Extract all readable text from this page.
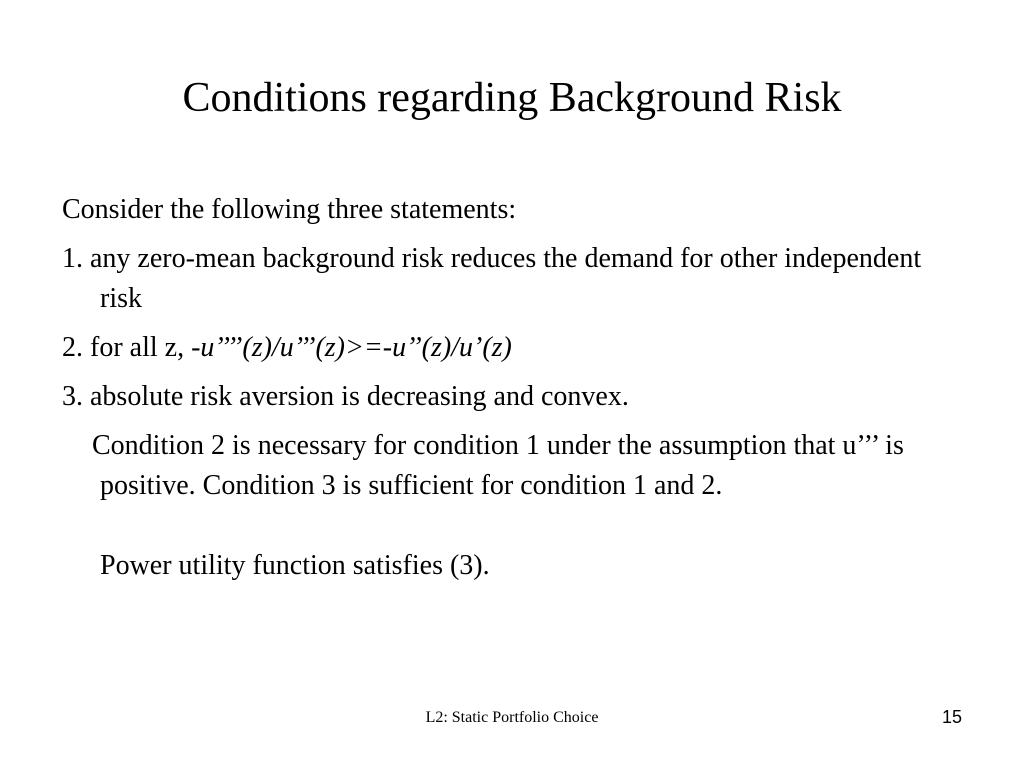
Conditions regarding Background Risk

Consider the following three statements:

1. any zero-mean background risk reduces the demand for other independent risk

2. for all z, -u’’’’(z)/u’’’(z)>=-u’’(z)/u’(z)

3. absolute risk aversion is decreasing and convex.

Condition 2 is necessary for condition 1 under the assumption that u’’’ is positive. Condition 3 is sufficient for condition 1 and 2.

Power utility function satisfies (3).

L2: Static Portfolio Choice	15
